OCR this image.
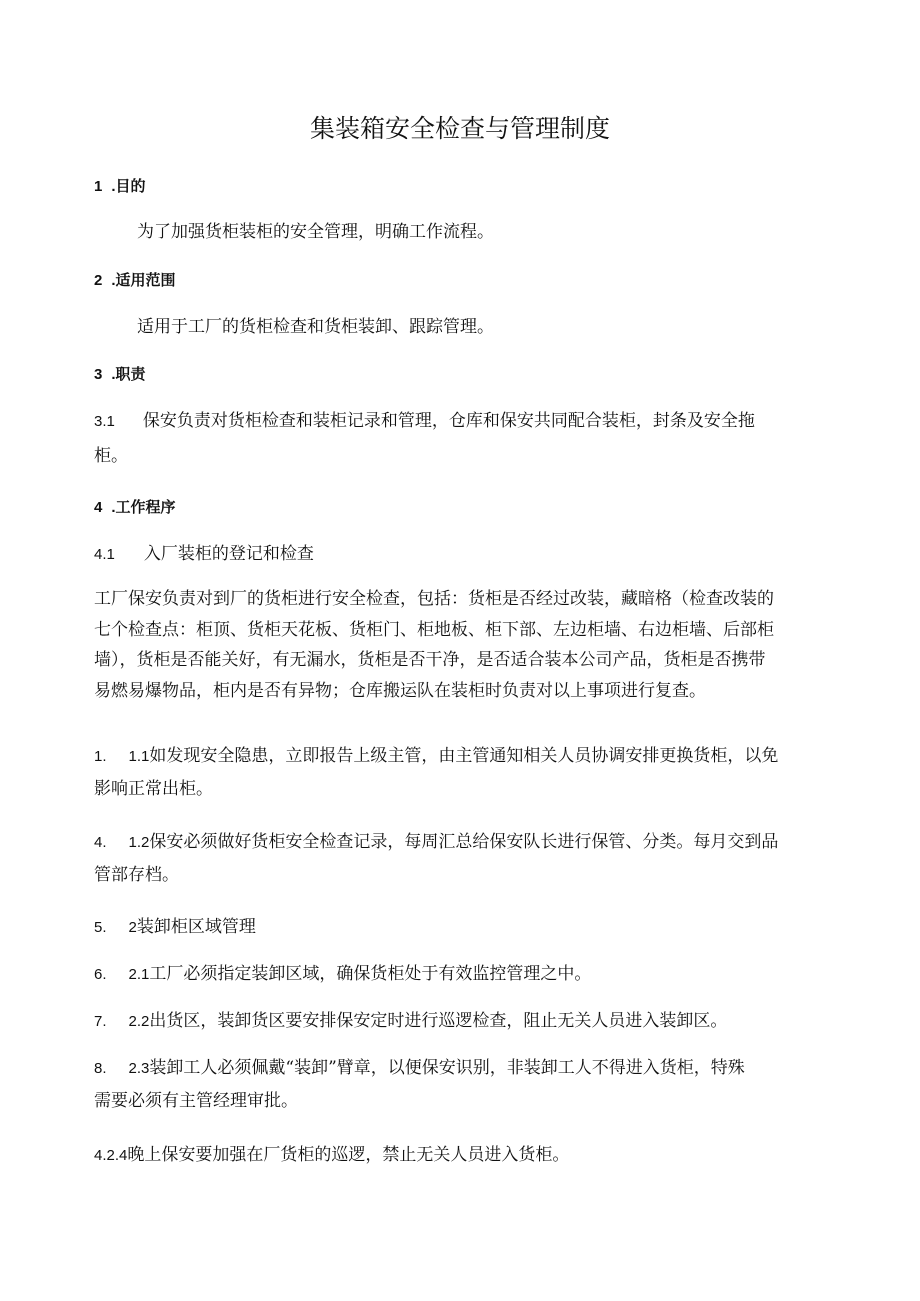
集装箱安全检查与管理制度
1 .目的
为了加强货柜装柜的安全管理，明确工作流程。
2 .适用范围
适用于工厂的货柜检查和货柜装卸、跟踪管理。
3 .职责
3.1 保安负责对货柜检查和装柜记录和管理，仓库和保安共同配合装柜，封条及安全拖
柜。
4 .工作程序
4.1 入厂装柜的登记和检查
工厂保安负责对到厂的货柜进行安全检查，包括：货柜是否经过改装，藏暗格（检查改装的
七个检查点：柜顶、货柜天花板、货柜门、柜地板、柜下部、左边柜墙、右边柜墙、后部柜
墙），货柜是否能关好，有无漏水，货柜是否干净，是否适合装本公司产品，货柜是否携带
易燃易爆物品，柜内是否有异物；仓库搬运队在装柜时负责对以上事项进行复查。
1. 1.1如发现安全隐患，立即报告上级主管，由主管通知相关人员协调安排更换货柜，以免
影响正常出柜。
4. 1.2保安必须做好货柜安全检查记录，每周汇总给保安队长进行保管、分类。每月交到品
管部存档。
5. 2装卸柜区域管理
6. 2.1工厂必须指定装卸区域，确保货柜处于有效监控管理之中。
7. 2.2出货区，装卸货区要安排保安定时进行巡逻检查，阻止无关人员进入装卸区。
8. 2.3装卸工人必须佩戴“装卸”臂章，以便保安识别，非装卸工人不得进入货柜，特殊
需要必须有主管经理审批。
4.2.4晚上保安要加强在厂货柜的巡逻，禁止无关人员进入货柜。
